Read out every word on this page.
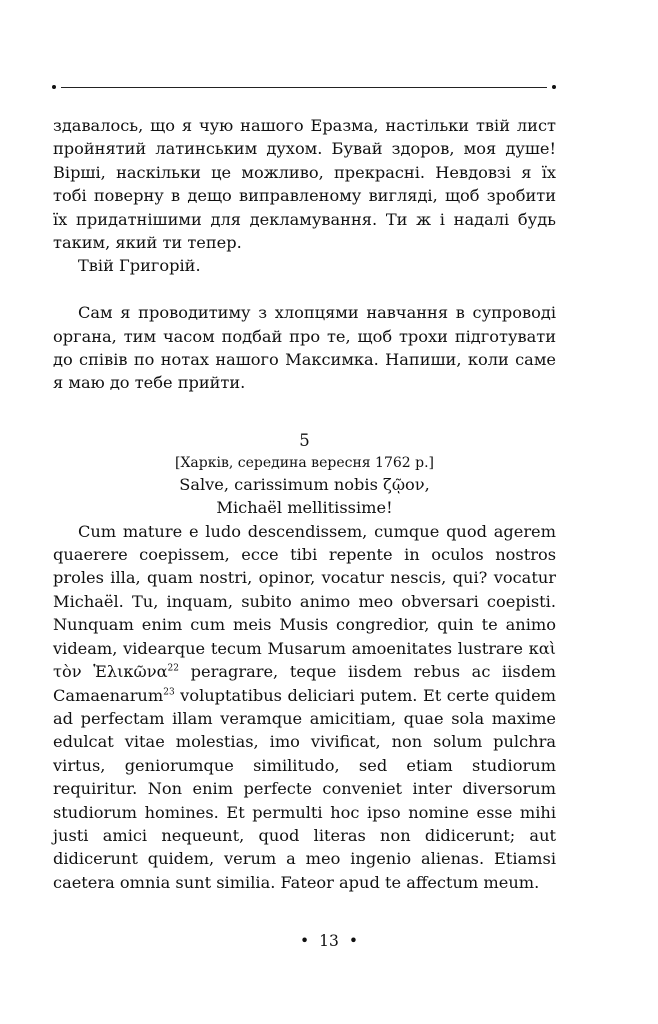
здавалось, що я чую нашого Еразма, настільки твій лист пройнятий латинським духом. Бувай здоров, моя душе! Вірші, наскільки це можливо, прекрасні. Невдовзі я їх тобі поверну в дещо виправленому вигляді, щоб зробити їх придатнішими для декламування. Ти ж і надалі будь таким, який ти тепер.

Твій Григорій.

Сам я проводитиму з хлопцями навчання в супроводі органа, тим часом подбай про те, щоб трохи підготувати до співів по нотах нашого Максимка. Напиши, коли саме я маю до тебе прийти.

5

[Харків, середина вересня 1762 р.]

Salve, carissimum nobis ζῷον,

Michaël mellitissime!

Cum mature e ludo descendissem, cumque quod agerem quaerere coepissem, ecce tibi repente in oculos nostros proles illa, quam nostri, opinor, vocatur nescis, qui? vocatur Michaël. Tu, inquam, subito animo meo obversari coepisti. Nunquam enim cum meis Musis congredior, quin te animo videam, videarque tecum Musarum amoenitates lustrare καὶ τὸν Ἑλικῶνα$^{22}$ peragrare, teque iisdem rebus ac iisdem Camaenarum$^{23}$ voluptatibus deliciari putem. Et certe quidem ad perfectam illam veramque amicitiam, quae sola maxime edulcat vitae molestias, imo vivificat, non solum pulchra virtus, geniorumque similitudo, sed etiam studiorum requiritur. Non enim perfecte conveniet inter diversorum studiorum homines. Et permulti hoc ipso nomine esse mihi justi amici nequeunt, quod literas non didicerunt; aut didicerunt quidem, verum a meo ingenio alienas. Etiamsi caetera omnia sunt similia. Fateor apud te affectum meum.

• 13 •
